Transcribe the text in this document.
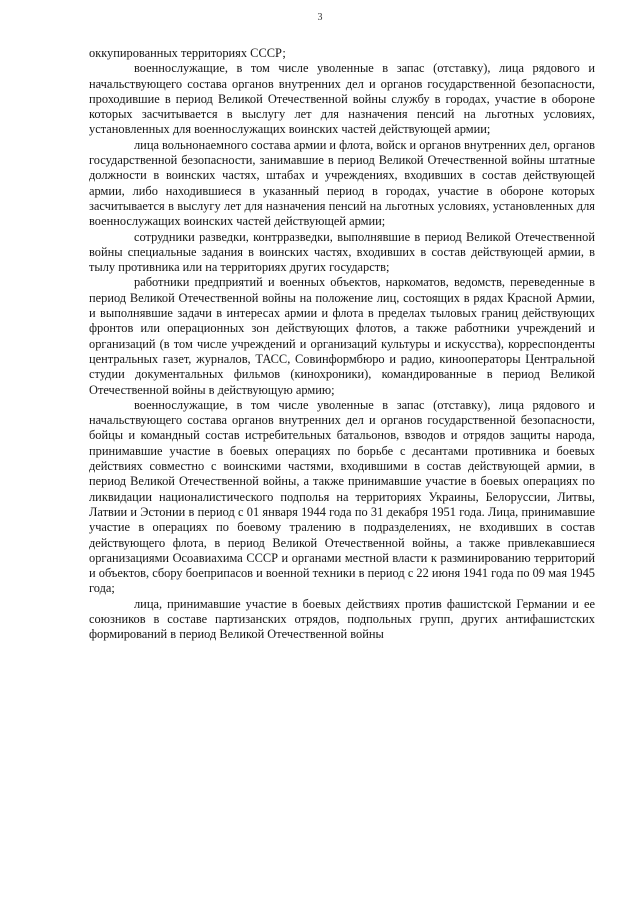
3

оккупированных территориях СССР;

военнослужащие, в том числе уволенные в запас (отставку), лица рядового и начальствующего состава органов внутренних дел и органов государственной безопасности, проходившие в период Великой Отечественной войны службу в городах, участие в обороне которых засчитывается в выслугу лет для назначения пенсий на льготных условиях, установленных для военнослужащих воинских частей действующей армии;

лица вольнонаемного состава армии и флота, войск и органов внутренних дел, органов государственной безопасности, занимавшие в период Великой Отечественной войны штатные должности в воинских частях, штабах и учреждениях, входивших в состав действующей армии, либо находившиеся в указанный период в городах, участие в обороне которых засчитывается в выслугу лет для назначения пенсий на льготных условиях, установленных для военнослужащих воинских частей действующей армии;

сотрудники разведки, контрразведки, выполнявшие в период Великой Отечественной войны специальные задания в воинских частях, входивших в состав действующей армии, в тылу противника или на территориях других государств;

работники предприятий и военных объектов, наркоматов, ведомств, переведенные в период Великой Отечественной войны на положение лиц, состоящих в рядах Красной Армии, и выполнявшие задачи в интересах армии и флота в пределах тыловых границ действующих фронтов или операционных зон действующих флотов, а также работники учреждений и организаций (в том числе учреждений и организаций культуры и искусства), корреспонденты центральных газет, журналов, ТАСС, Совинформбюро и радио, кинооператоры Центральной студии документальных фильмов (кинохроники), командированные в период Великой Отечественной войны в действующую армию;

военнослужащие, в том числе уволенные в запас (отставку), лица рядового и начальствующего состава органов внутренних дел и органов государственной безопасности, бойцы и командный состав истребительных батальонов, взводов и отрядов защиты народа, принимавшие участие в боевых операциях по борьбе с десантами противника и боевых действиях совместно с воинскими частями, входившими в состав действующей армии, в период Великой Отечественной войны, а также принимавшие участие в боевых операциях по ликвидации националистического подполья на территориях Украины, Белоруссии, Литвы, Латвии и Эстонии в период с 01 января 1944 года по 31 декабря 1951 года. Лица, принимавшие участие в операциях по боевому тралению в подразделениях, не входивших в состав действующего флота, в период Великой Отечественной войны, а также привлекавшиеся организациями Осоавиахима СССР и органами местной власти к разминированию территорий и объектов, сбору боеприпасов и военной техники в период с 22 июня 1941 года по 09 мая 1945 года;

лица, принимавшие участие в боевых действиях против фашистской Германии и ее союзников в составе партизанских отрядов, подпольных групп, других антифашистских формирований в период Великой Отечественной войны
